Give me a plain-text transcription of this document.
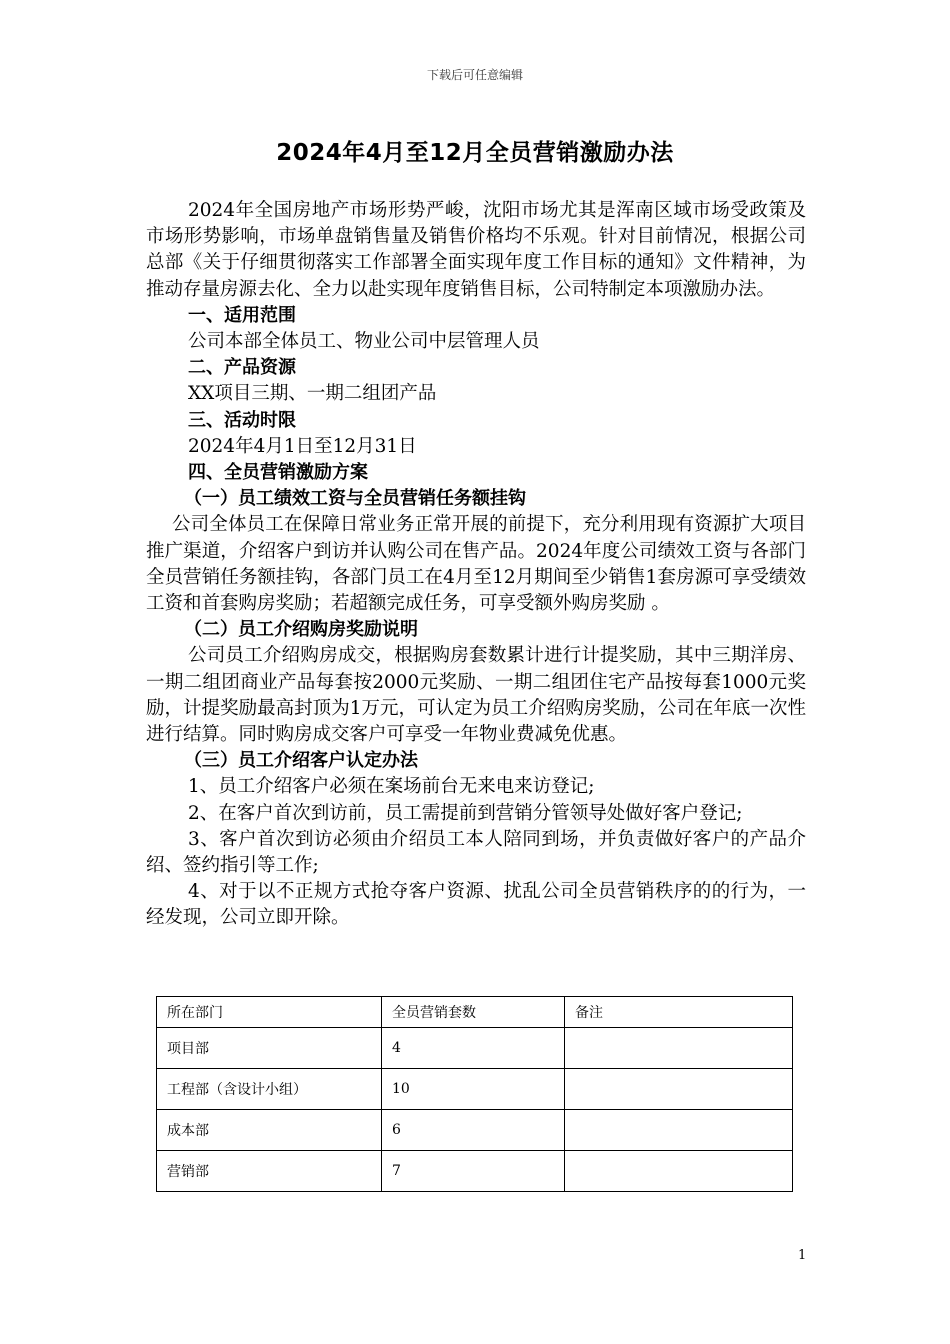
下载后可任意编辑
2024年4月至12月全员营销激励办法

2024年全国房地产市场形势严峻，沈阳市场尤其是浑南区域市场受政策及市场形势影响，市场单盘销售量及销售价格均不乐观。针对目前情况，根据公司总部《关于仔细贯彻落实工作部署全面实现年度工作目标的通知》文件精神，为推动存量房源去化、全力以赴实现年度销售目标，公司特制定本项激励办法。

一、适用范围

公司本部全体员工、物业公司中层管理人员

二、产品资源

XX项目三期、一期二组团产品

三、活动时限

2024年4月1日至12月31日

四、全员营销激励方案

（一）员工绩效工资与全员营销任务额挂钩

公司全体员工在保障日常业务正常开展的前提下，充分利用现有资源扩大项目推广渠道，介绍客户到访并认购公司在售产品。2024年度公司绩效工资与各部门全员营销任务额挂钩，各部门员工在4月至12月期间至少销售1套房源可享受绩效工资和首套购房奖励；若超额完成任务，可享受额外购房奖励 。

（二）员工介绍购房奖励说明

公司员工介绍购房成交，根据购房套数累计进行计提奖励，其中三期洋房、一期二组团商业产品每套按2000元奖励、一期二组团住宅产品按每套1000元奖励，计提奖励最高封顶为1万元，可认定为员工介绍购房奖励，公司在年底一次性进行结算。同时购房成交客户可享受一年物业费减免优惠。

（三）员工介绍客户认定办法

1、员工介绍客户必须在案场前台无来电来访登记;

2、在客户首次到访前，员工需提前到营销分管领导处做好客户登记;

3、客户首次到访必须由介绍员工本人陪同到场，并负责做好客户的产品介绍、签约指引等工作;

4、对于以不正规方式抢夺客户资源、扰乱公司全员营销秩序的的行为，一经发现，公司立即开除。

所在部门	全员营销套数	备注
项目部	4	
工程部（含设计小组）	10	
成本部	6	
营销部	7	
1
